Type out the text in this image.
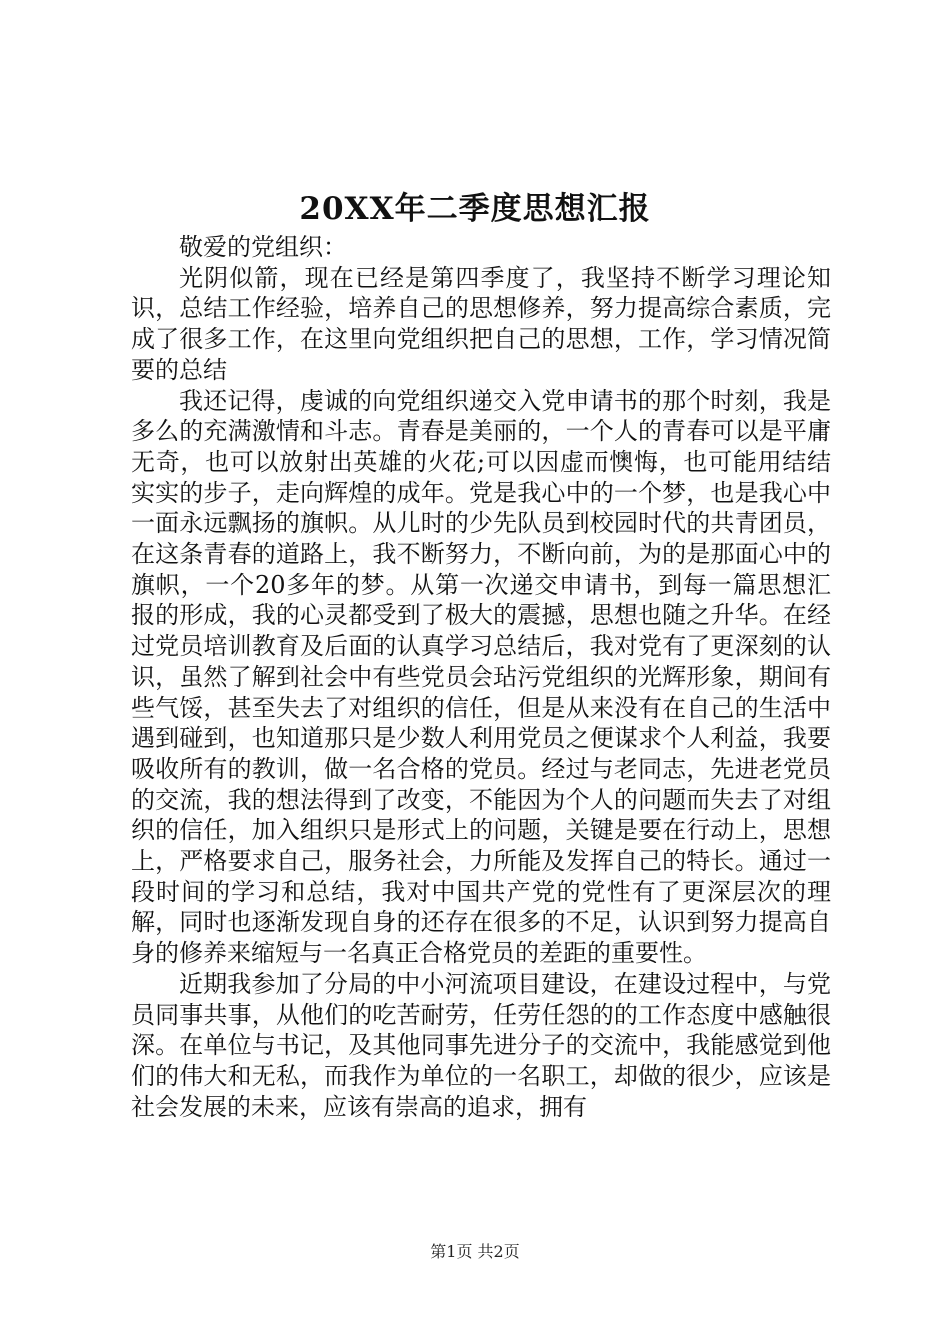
20XX年二季度思想汇报

敬爱的党组织：

光阴似箭，现在已经是第四季度了，我坚持不断学习理论知识，总结工作经验，培养自己的思想修养，努力提高综合素质，完成了很多工作，在这里向党组织把自己的思想，工作，学习情况简要的总结

我还记得，虔诚的向党组织递交入党申请书的那个时刻，我是多么的充满激情和斗志。青春是美丽的，一个人的青春可以是平庸无奇，也可以放射出英雄的火花;可以因虚而懊悔，也可能用结结实实的步子，走向辉煌的成年。党是我心中的一个梦，也是我心中一面永远飘扬的旗帜。从儿时的少先队员到校园时代的共青团员，在这条青春的道路上，我不断努力，不断向前，为的是那面心中的旗帜，一个20多年的梦。从第一次递交申请书，到每一篇思想汇报的形成，我的心灵都受到了极大的震撼，思想也随之升华。在经过党员培训教育及后面的认真学习总结后，我对党有了更深刻的认识，虽然了解到社会中有些党员会玷污党组织的光辉形象，期间有些气馁，甚至失去了对组织的信任，但是从来没有在自己的生活中遇到碰到，也知道那只是少数人利用党员之便谋求个人利益，我要吸收所有的教训，做一名合格的党员。经过与老同志，先进老党员的交流，我的想法得到了改变，不能因为个人的问题而失去了对组织的信任，加入组织只是形式上的问题，关键是要在行动上，思想上，严格要求自己，服务社会，力所能及发挥自己的特长。通过一段时间的学习和总结，我对中国共产党的党性有了更深层次的理解，同时也逐渐发现自身的还存在很多的不足，认识到努力提高自身的修养来缩短与一名真正合格党员的差距的重要性。

近期我参加了分局的中小河流项目建设，在建设过程中，与党员同事共事，从他们的吃苦耐劳，任劳任怨的的工作态度中感触很深。在单位与书记，及其他同事先进分子的交流中，我能感觉到他们的伟大和无私，而我作为单位的一名职工，却做的很少，应该是社会发展的未来，应该有崇高的追求，拥有

第1页 共2页
